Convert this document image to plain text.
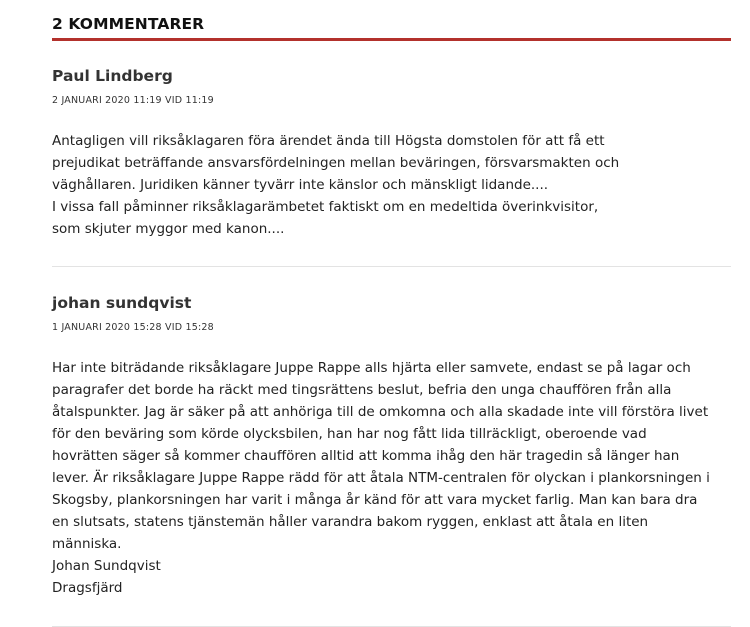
2 KOMMENTARER
Paul Lindberg
2 JANUARI 2020 11:19 VID 11:19

Antagligen vill riksåklagaren föra ärendet ända till Högsta domstolen för att få ett prejudikat beträffande ansvarsfördelningen mellan beväringen, försvarsmakten och väghållaren. Juridiken känner tyvärr inte känslor och mänskligt lidande....
I vissa fall påminner riksåklagarämbetet faktiskt om en medeltida överinkvisitor, som skjuter myggor med kanon....

johan sundqvist
1 JANUARI 2020 15:28 VID 15:28

Har inte biträdande riksåklagare Juppe Rappe alls hjärta eller samvete, endast se på lagar och paragrafer det borde ha räckt med tingsrättens beslut, befria den unga chauffören från alla åtalspunkter. Jag är säker på att anhöriga till de omkomna och alla skadade inte vill förstöra livet för den beväring som körde olycksbilen, han har nog fått lida tillräckligt, oberoende vad hovrätten säger så kommer chauffören alltid att komma ihåg den här tragedin så länger han lever. Är riksåklagare Juppe Rappe rädd för att åtala NTM-centralen för olyckan i plankorsningen i Skogsby, plankorsningen har varit i många år känd för att vara mycket farlig. Man kan bara dra en slutsats, statens tjänstemän håller varandra bakom ryggen, enklast att åtala en liten människa.
Johan Sundqvist
Dragsfjärd
